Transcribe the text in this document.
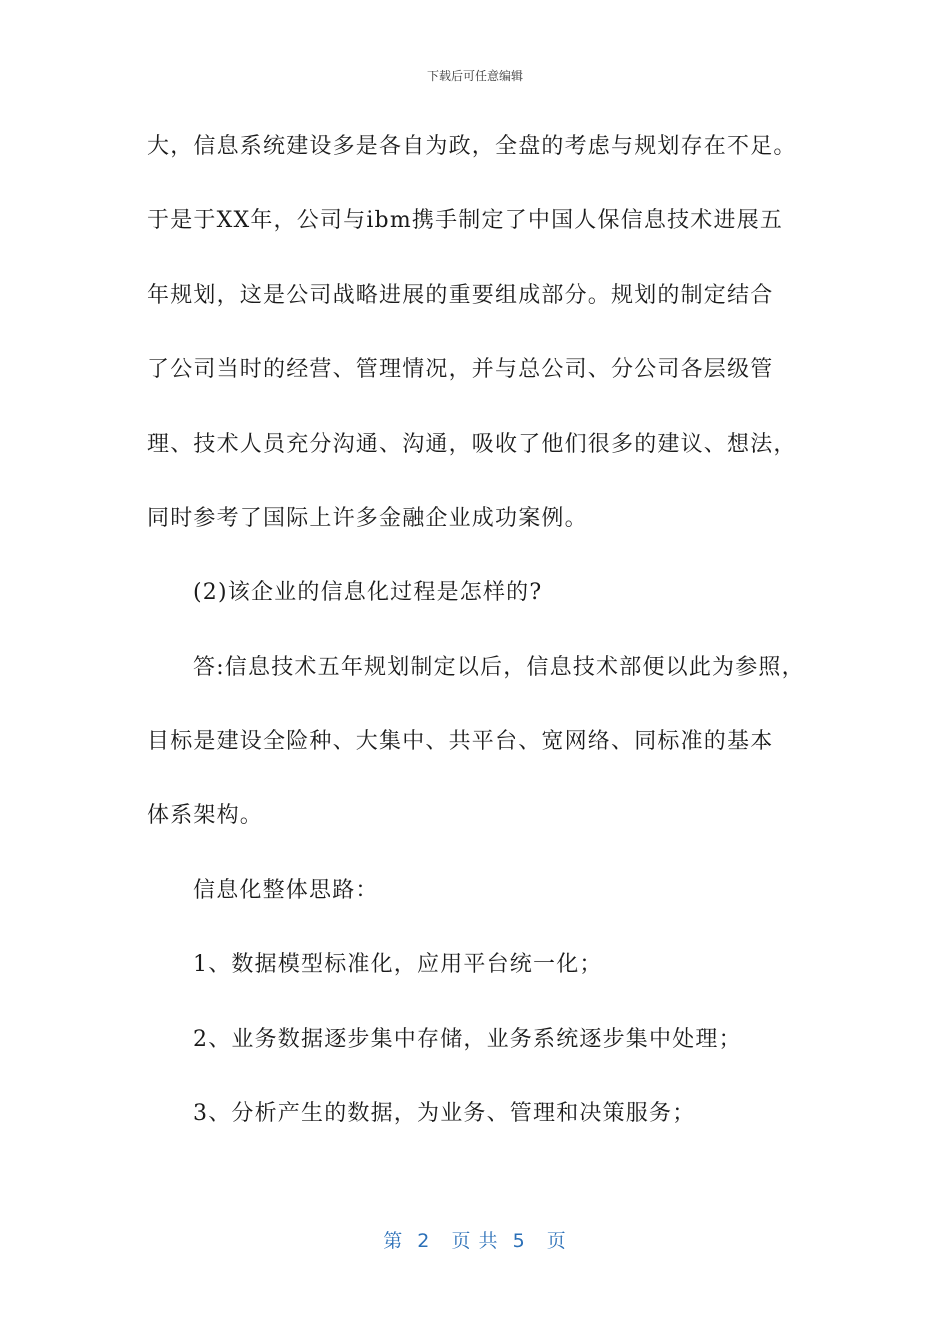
下载后可任意编辑
大，信息系统建设多是各自为政，全盘的考虑与规划存在不足。
于是于XX年，公司与ibm携手制定了中国人保信息技术进展五
年规划，这是公司战略进展的重要组成部分。规划的制定结合
了公司当时的经营、管理情况，并与总公司、分公司各层级管
理、技术人员充分沟通、沟通，吸收了他们很多的建议、想法，
同时参考了国际上许多金融企业成功案例。
(2)该企业的信息化过程是怎样的?
答:信息技术五年规划制定以后，信息技术部便以此为参照，
目标是建设全险种、大集中、共平台、宽网络、同标准的基本
体系架构。
信息化整体思路：
1、数据模型标准化，应用平台统一化；
2、业务数据逐步集中存储，业务系统逐步集中处理；
3、分析产生的数据，为业务、管理和决策服务；
第  2   页 共  5   页
